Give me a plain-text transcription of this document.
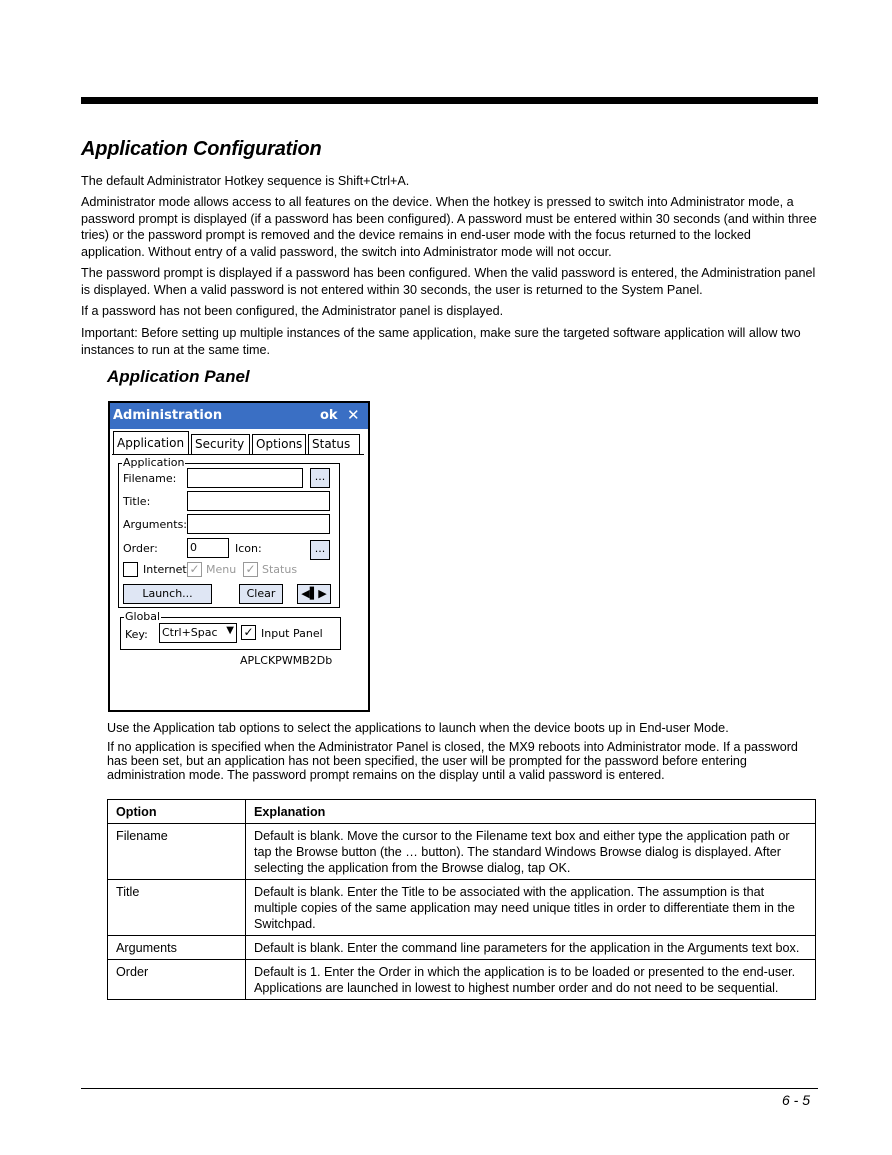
Application Configuration
The default Administrator Hotkey sequence is Shift+Ctrl+A.
Administrator mode allows access to all features on the device. When the hotkey is pressed to switch into Administrator mode, a password prompt is displayed (if a password has been configured). A password must be entered within 30 seconds (and within three tries) or the password prompt is removed and the device remains in end-user mode with the focus returned to the locked application. Without entry of a valid password, the switch into Administrator mode will not occur.
The password prompt is displayed if a password has been configured. When the valid password is entered, the Administration panel is displayed. When a valid password is not entered within 30 seconds, the user is returned to the System Panel.
If a password has not been configured, the Administrator panel is displayed.
Important: Before setting up multiple instances of the same application, make sure the targeted software application will allow two instances to run at the same time.
Application Panel
Administration	ok ✕
Application Security Options Status
Application
Filename:	...
Title:
Arguments:
Order:	0	Icon:	...
Internet ✓ Menu ✓ Status
Launch...	Clear	◀▌▶
Global
Key: Ctrl+Spac ▼ ✓ Input Panel
APLCKPWMB2Db
Use the Application tab options to select the applications to launch when the device boots up in End-user Mode.
If no application is specified when the Administrator Panel is closed, the MX9 reboots into Administrator mode. If a password has been set, but an application has not been specified, the user will be prompted for the password before entering administration mode. The password prompt remains on the display until a valid password is entered.
Option	Explanation
Filename	Default is blank. Move the cursor to the Filename text box and either type the application path or tap the Browse button (the … button). The standard Windows Browse dialog is displayed. After selecting the application from the Browse dialog, tap OK.
Title	Default is blank. Enter the Title to be associated with the application. The assumption is that multiple copies of the same application may need unique titles in order to differentiate them in the Switchpad.
Arguments	Default is blank. Enter the command line parameters for the application in the Arguments text box.
Order	Default is 1. Enter the Order in which the application is to be loaded or presented to the end-user. Applications are launched in lowest to highest number order and do not need to be sequential.
6 - 5
